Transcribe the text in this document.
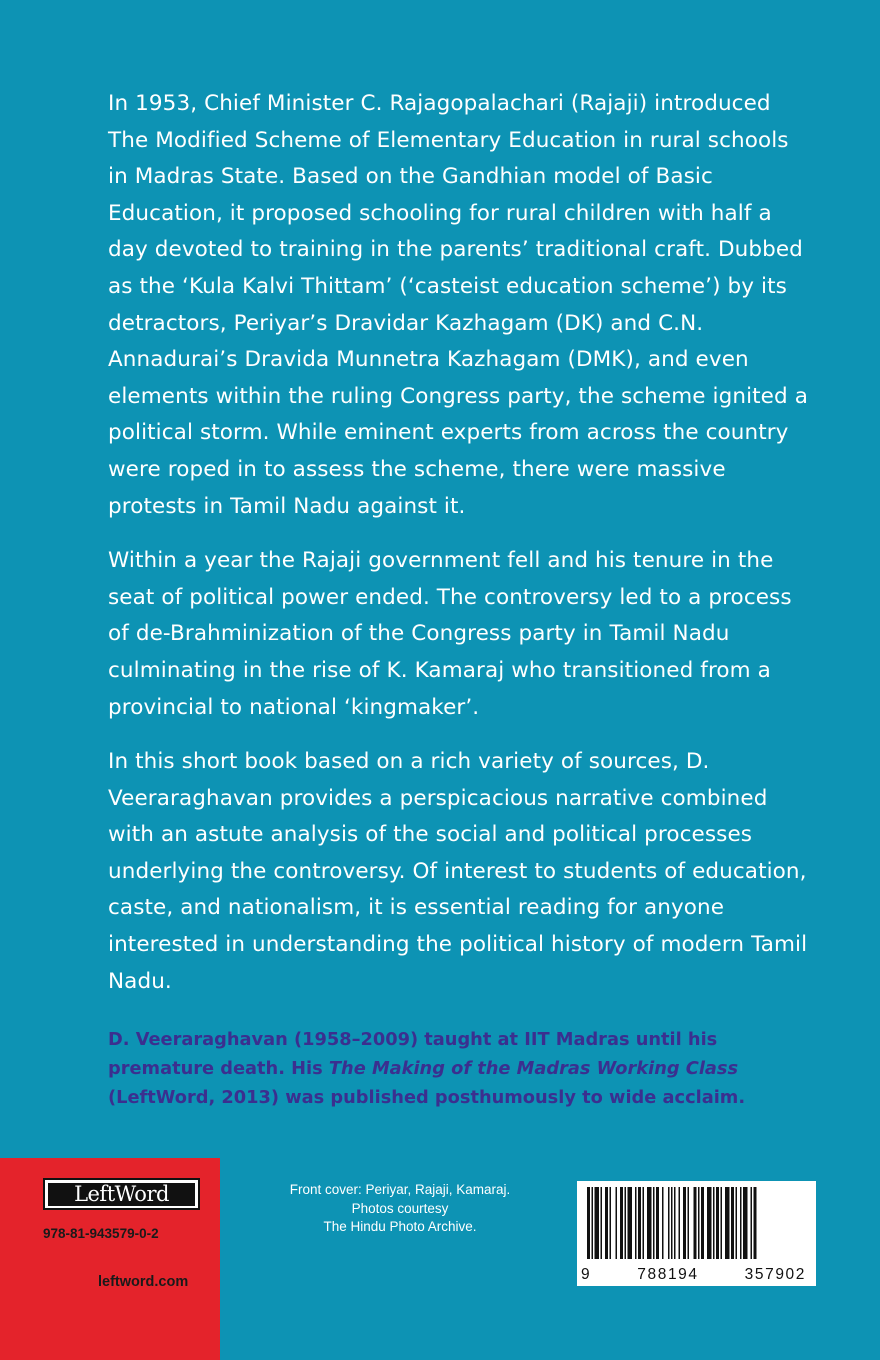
In 1953, Chief Minister C. Rajagopalachari (Rajaji) introduced The Modified Scheme of Elementary Education in rural schools in Madras State. Based on the Gandhian model of Basic Education, it proposed schooling for rural children with half a day devoted to training in the parents’ traditional craft. Dubbed as the ‘Kula Kalvi Thittam’ (‘casteist education scheme’) by its detractors, Periyar’s Dravidar Kazhagam (DK) and C.N. Annadurai’s Dravida Munnetra Kazhagam (DMK), and even elements within the ruling Congress party, the scheme ignited a political storm. While eminent experts from across the country were roped in to assess the scheme, there were massive protests in Tamil Nadu against it.

Within a year the Rajaji government fell and his tenure in the seat of political power ended. The controversy led to a process of de-Brahminization of the Congress party in Tamil Nadu culminating in the rise of K. Kamaraj who transitioned from a provincial to national ‘kingmaker’.

In this short book based on a rich variety of sources, D. Veeraraghavan provides a perspicacious narrative combined with an astute analysis of the social and political processes underlying the controversy. Of interest to students of education, caste, and nationalism, it is essential reading for anyone interested in understanding the political history of modern Tamil Nadu.

D. Veeraraghavan (1958–2009) taught at IIT Madras until his premature death. His The Making of the Madras Working Class (LeftWord, 2013) was published posthumously to wide acclaim.
LeftWord
978-81-943579-0-2
leftword.com
Front cover: Periyar, Rajaji, Kamaraj.
Photos courtesy
The Hindu Photo Archive.
9	788194	357902
